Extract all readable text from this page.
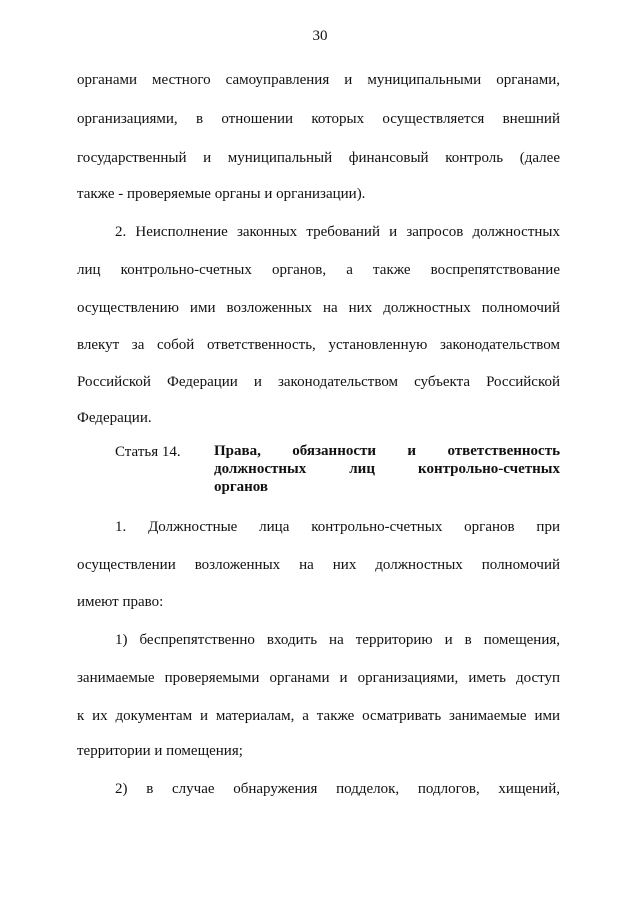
30
органами местного самоуправления и муниципальными органами,
организациями, в отношении которых осуществляется внешний
государственный и муниципальный финансовый контроль (далее
также - проверяемые органы и организации).
2. Неисполнение законных требований и запросов должностных
лиц контрольно-счетных органов, а также воспрепятствование
осуществлению ими возложенных на них должностных полномочий
влекут за собой ответственность, установленную законодательством
Российской Федерации и законодательством субъекта Российской
Федерации.
Статья 14. Права, обязанности и ответственность
должностных лиц контрольно-счетных
органов
1. Должностные лица контрольно-счетных органов при
осуществлении возложенных на них должностных полномочий
имеют право:
1) беспрепятственно входить на территорию и в помещения,
занимаемые проверяемыми органами и организациями, иметь доступ
к их документам и материалам, а также осматривать занимаемые ими
территории и помещения;
2) в случае обнаружения подделок, подлогов, хищений,
